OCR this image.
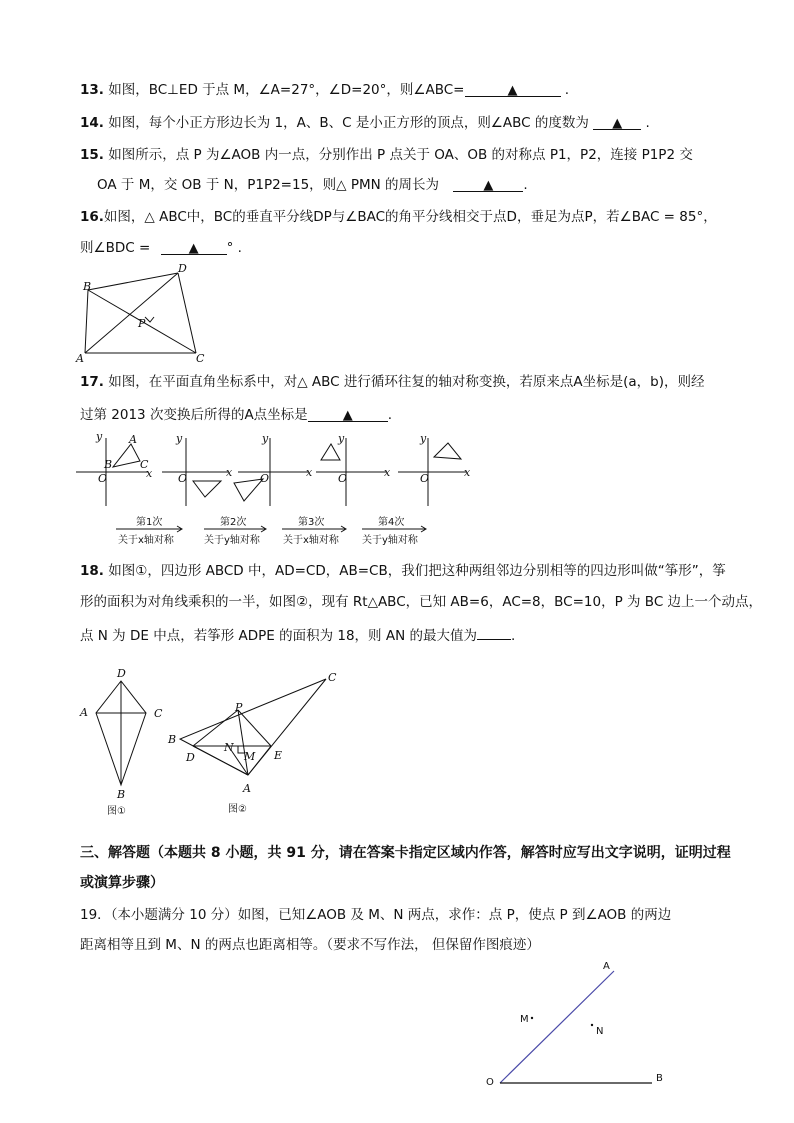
13. 如图，BC⊥ED 于点 M，∠A=27°，∠D=20°，则∠ABC=	▲	.
14. 如图，每个小正方形边长为 1，A、B、C 是小正方形的顶点，则∠ABC 的度数为 ▲ .
15. 如图所示，点 P 为∠AOB 内一点，分别作出 P 点关于 OA、OB 的对称点 P1，P2，连接 P1P2 交
OA 于 M，交 OB 于 N，P1P2=15，则△ PMN 的周长为	▲ .
16.如图，△ ABC中，BC的垂直平分线DP与∠BAC的角平分线相交于点D，垂足为点P，若∠BAC = 85°，
则∠BDC =	▲ ° .
B
D
P
A	C
17. 如图，在平面直角坐标系中，对△ ABC 进行循环往复的轴对称变换，若原来点A坐标是(a，b)，则经
过第 2013 次变换后所得的A点坐标是	▲	.
y
x
O
B	C
A	y
x
O
y
x
O
y
x
O
y
x
O
第1次
关于x轴对称
第2次
关于y轴对称
第3次
关于x轴对称
第4次
关于y轴对称
18. 如图①，四边形 ABCD 中，AD=CD，AB=CB，我们把这种两组邻边分别相等的四边形叫做“筝形”，筝
形的面积为对角线乘积的一半，如图②，现有 Rt△ABC，已知 AB=6，AC=8，BC=10，P 为 BC 边上一个动点，
点 N 为 DE 中点，若筝形 ADPE 的面积为 18，则 AN 的最大值为	.
D
A	C
B
图①
P
C
B
N
M
D	E
A
图②
三、解答题（本题共 8 小题，共 91 分，请在答案卡指定区域内作答，解答时应写出文字说明，证明过程
或演算步骤）
19．（本小题满分 10 分）如图，已知∠AOB 及 M、N 两点，求作：点 P，使点 P 到∠AOB 的两边
距离相等且到 M、N 的两点也距离相等。（要求不写作法， 但保留作图痕迹）
A
M
N
O	B
